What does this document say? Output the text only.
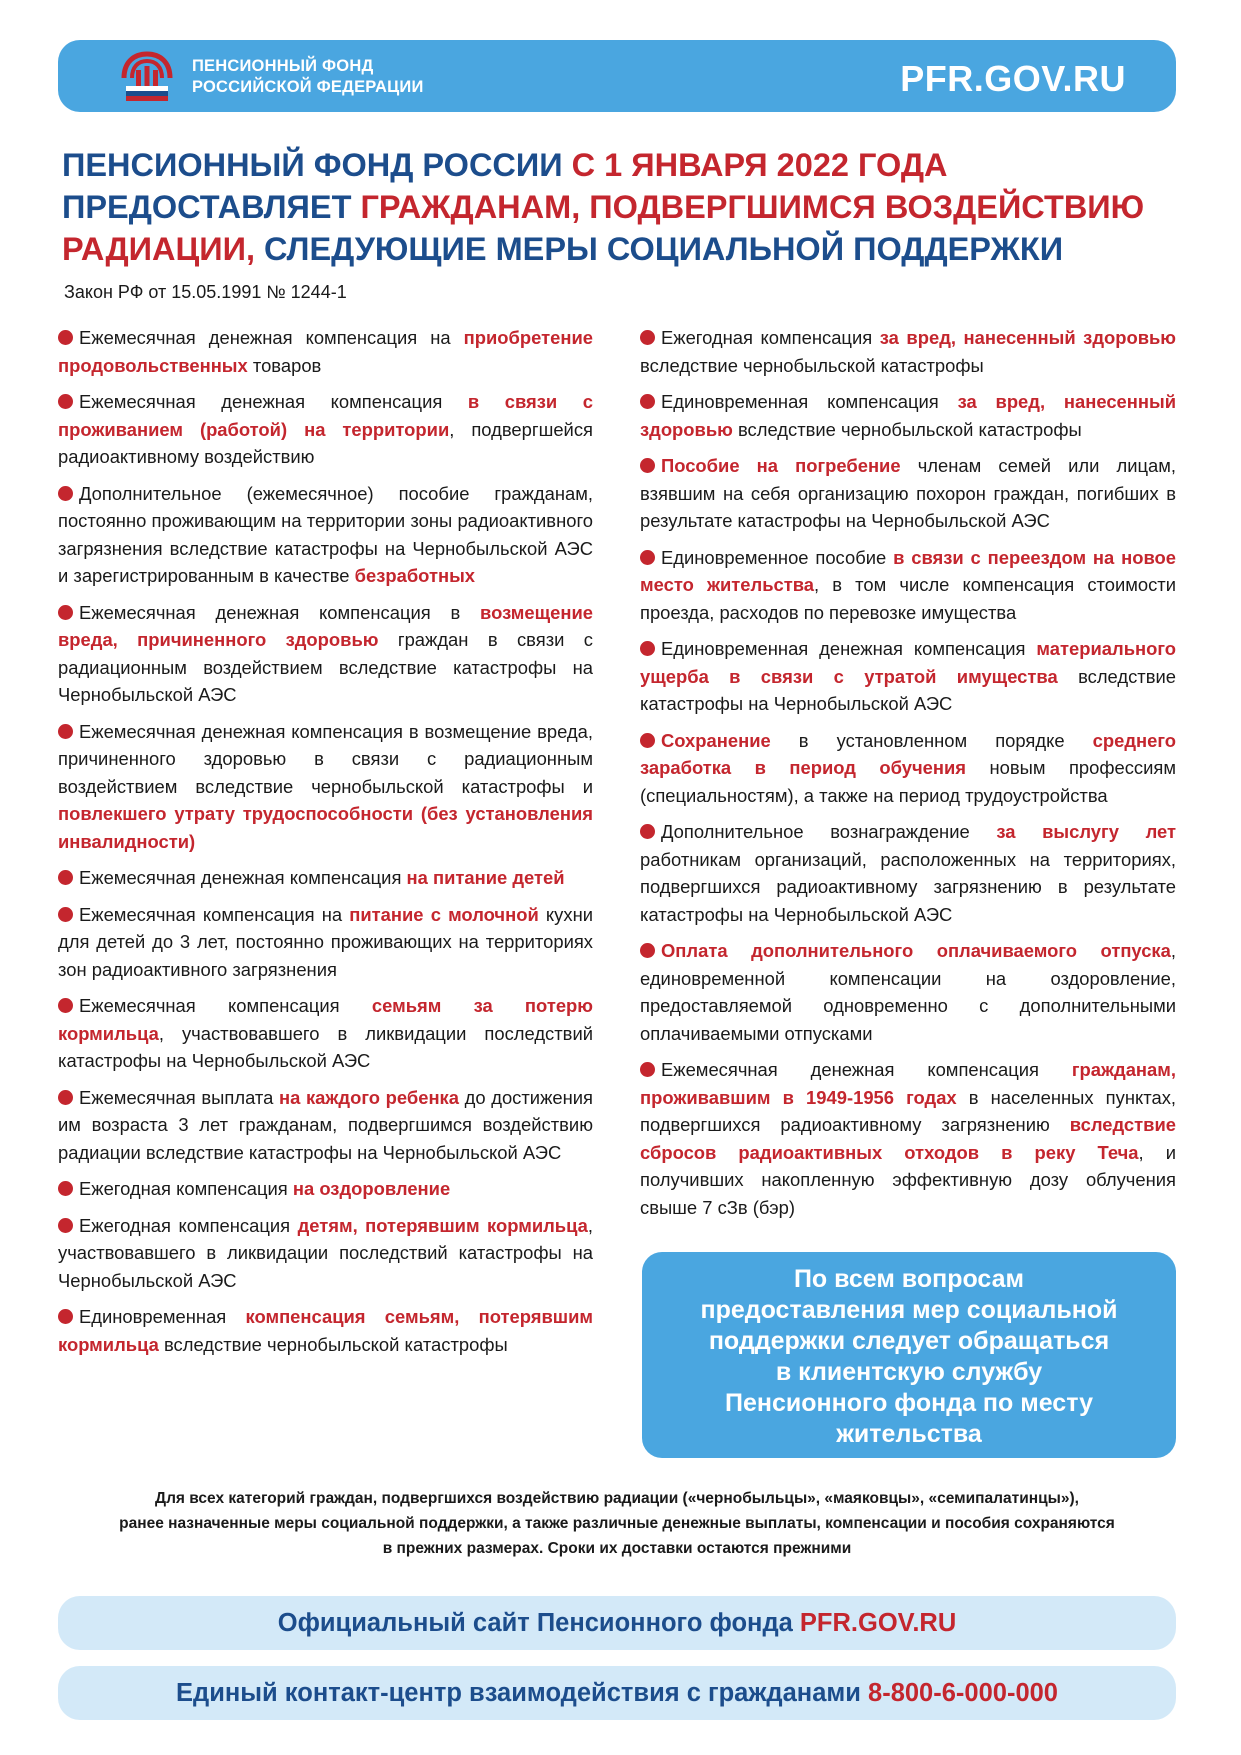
ПЕНСИОННЫЙ ФОНД
РОССИЙСКОЙ ФЕДЕРАЦИИ	PFR.GOV.RU
ПЕНСИОННЫЙ ФОНД РОССИИ С 1 ЯНВАРЯ 2022 ГОДА
ПРЕДОСТАВЛЯЕТ ГРАЖДАНАМ, ПОДВЕРГШИМСЯ ВОЗДЕЙСТВИЮ
РАДИАЦИИ, СЛЕДУЮЩИЕ МЕРЫ СОЦИАЛЬНОЙ ПОДДЕРЖКИ
Закон РФ от 15.05.1991 № 1244-1
Ежемесячная денежная компенсация на приобретение продовольственных товаров
Ежемесячная денежная компенсация в связи с проживанием (работой) на территории, подвергшейся радиоактивному воздействию
Дополнительное (ежемесячное) пособие гражданам, постоянно проживающим на территории зоны радиоактивного загрязнения вследствие катастрофы на Чернобыльской АЭС и зарегистрированным в качестве безработных
Ежемесячная денежная компенсация в возмещение вреда, причиненного здоровью граждан в связи с радиационным воздействием вследствие катастрофы на Чернобыльской АЭС
Ежемесячная денежная компенсация в возмещение вреда, причиненного здоровью в связи с радиационным воздействием вследствие чернобыльской катастрофы и повлекшего утрату трудоспособности (без установления инвалидности)
Ежемесячная денежная компенсация на питание детей
Ежемесячная компенсация на питание с молочной кухни для детей до 3 лет, постоянно проживающих на территориях зон радиоактивного загрязнения
Ежемесячная компенсация семьям за потерю кормильца, участвовавшего в ликвидации последствий катастрофы на Чернобыльской АЭС
Ежемесячная выплата на каждого ребенка до достижения им возраста 3 лет гражданам, подвергшимся воздействию радиации вследствие катастрофы на Чернобыльской АЭС
Ежегодная компенсация на оздоровление
Ежегодная компенсация детям, потерявшим кормильца, участвовавшего в ликвидации последствий катастрофы на Чернобыльской АЭС
Единовременная компенсация семьям, потерявшим кормильца вследствие чернобыльской катастрофы
Ежегодная компенсация за вред, нанесенный здоровью вследствие чернобыльской катастрофы
Единовременная компенсация за вред, нанесенный здоровью вследствие чернобыльской катастрофы
Пособие на погребение членам семей или лицам, взявшим на себя организацию похорон граждан, погибших в результате катастрофы на Чернобыльской АЭС
Единовременное пособие в связи с переездом на новое место жительства, в том числе компенсация стоимости проезда, расходов по перевозке имущества
Единовременная денежная компенсация материального ущерба в связи с утратой имущества вследствие катастрофы на Чернобыльской АЭС
Сохранение в установленном порядке среднего заработка в период обучения новым профессиям (специальностям), а также на период трудоустройства
Дополнительное вознаграждение за выслугу лет работникам организаций, расположенных на территориях, подвергшихся радиоактивному загрязнению в результате катастрофы на Чернобыльской АЭС
Оплата дополнительного оплачиваемого отпуска, единовременной компенсации на оздоровление, предоставляемой одновременно с дополнительными оплачиваемыми отпусками
Ежемесячная денежная компенсация гражданам, проживавшим в 1949-1956 годах в населенных пунктах, подвергшихся радиоактивному загрязнению вследствие сбросов радиоактивных отходов в реку Теча, и получивших накопленную эффективную дозу облучения свыше 7 сЗв (бэр)
По всем вопросам
предоставления мер социальной
поддержки следует обращаться
в клиентскую службу
Пенсионного фонда по месту
жительства
Для всех категорий граждан, подвергшихся воздействию радиации («чернобыльцы», «маяковцы», «семипалатинцы»),
ранее назначенные меры социальной поддержки, а также различные денежные выплаты, компенсации и пособия сохраняются
в прежних размерах. Сроки их доставки остаются прежними
Официальный сайт Пенсионного фонда PFR.GOV.RU
Единый контакт-центр взаимодействия с гражданами 8-800-6-000-000
